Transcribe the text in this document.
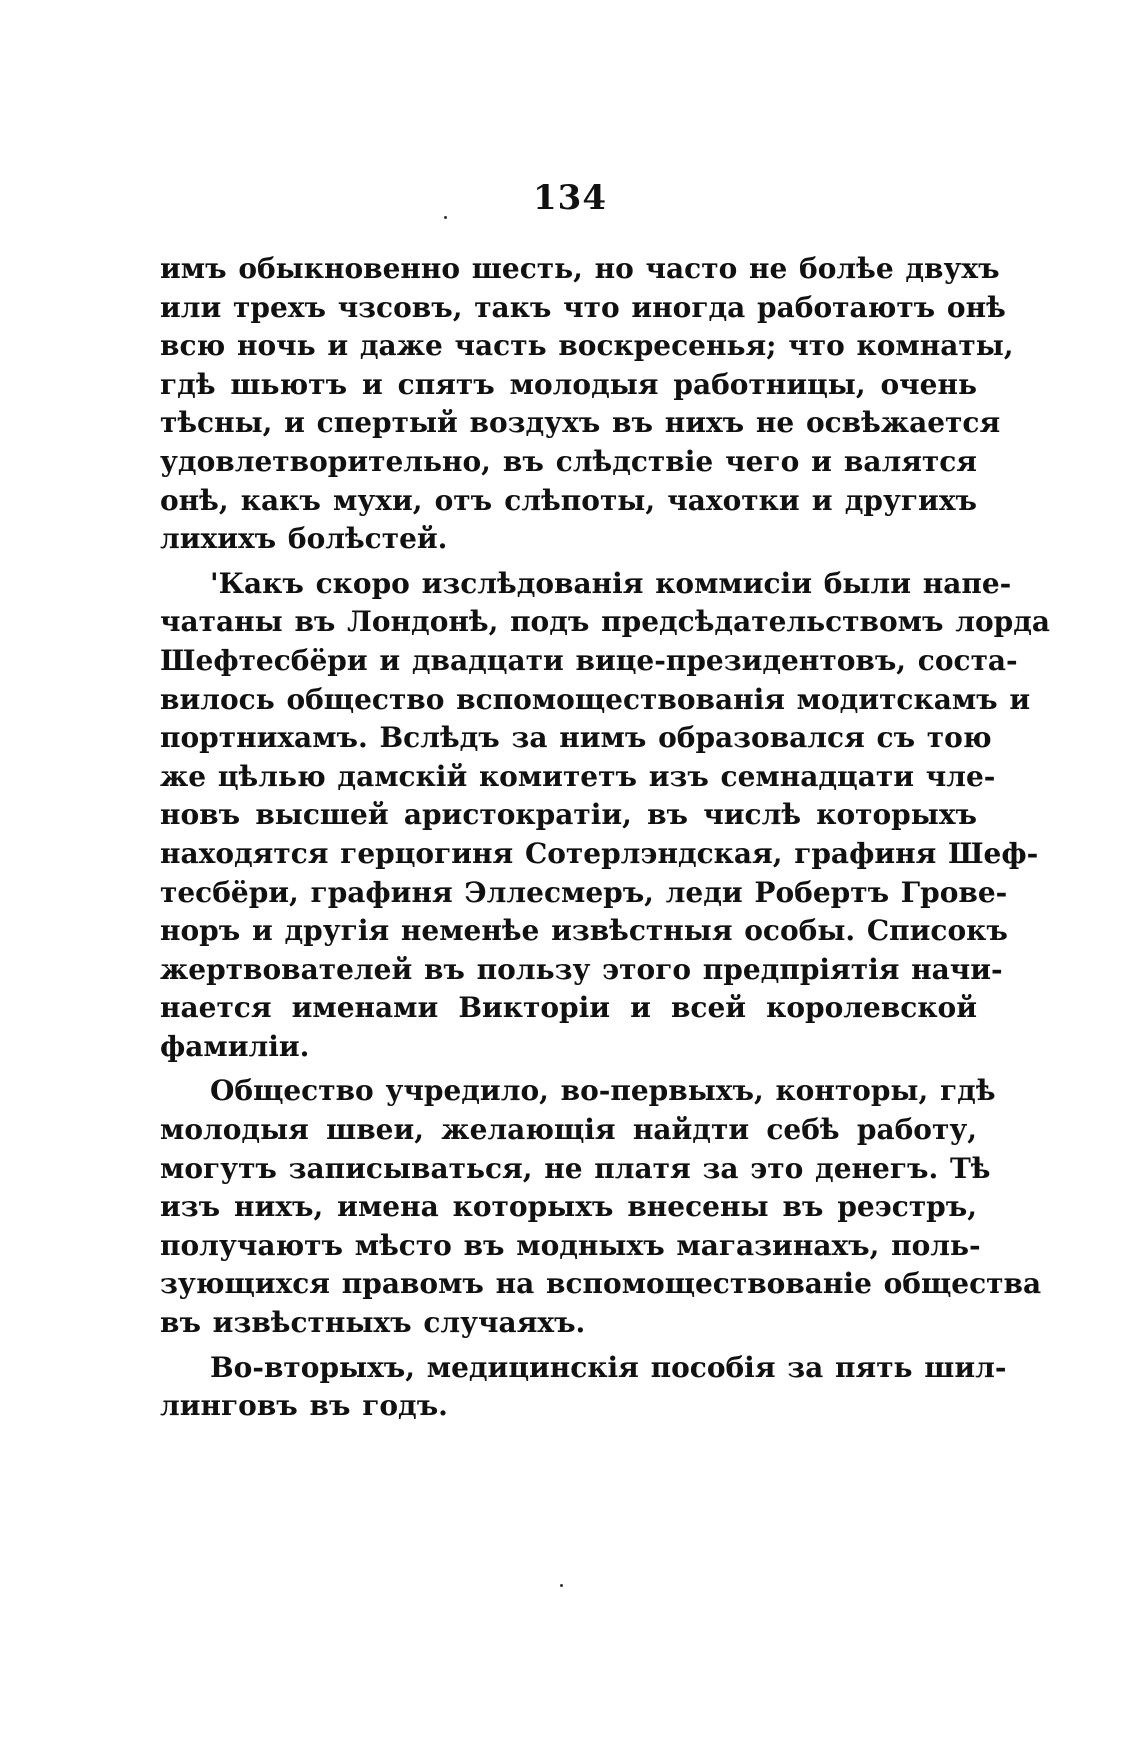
134
имъ обыкновенно шесть, но часто не болѣе двухъ
или трехъ чзсовъ, такъ что иногда работаютъ онѣ
всю ночь и даже часть воскресенья; что комнаты,
гдѣ шьютъ и спятъ молодыя работницы, очень
тѣсны, и спертый воздухъ въ нихъ не освѣжается
удовлетворительно, въ слѣдствіе чего и валятся
онѣ, какъ мухи, отъ слѣпоты, чахотки и другихъ
лихихъ болѣстей.
'Какъ скоро изслѣдованія коммисіи были напе-
чатаны въ Лондонѣ, подъ предсѣдательствомъ лорда
Шефтесбёри и двадцати вице-президентовъ, соста-
вилось общество вспомоществованія модитскамъ и
портнихамъ. Вслѣдъ за нимъ образовался съ тою
же цѣлью дамскій комитетъ изъ семнадцати чле-
новъ высшей аристократіи, въ числѣ которыхъ
находятся герцогиня Сотерлэндская, графиня Шеф-
тесбёри, графиня Эллесмеръ, леди Робертъ Грове-
норъ и другія неменѣе извѣстныя особы. Списокъ
жертвователей въ пользу этого предпріятія начи-
нается именами Викторіи и всей королевской
фамиліи.
Общество учредило, во-первыхъ, конторы, гдѣ
молодыя швеи, желающія найдти себѣ работу,
могутъ записываться, не платя за это денегъ. Тѣ
изъ нихъ, имена которыхъ внесены въ реэстръ,
получаютъ мѣсто въ модныхъ магазинахъ, поль-
зующихся правомъ на вспомоществованіе общества
въ извѣстныхъ случаяхъ.
Во-вторыхъ, медицинскія пособія за пять шил-
линговъ въ годъ.
